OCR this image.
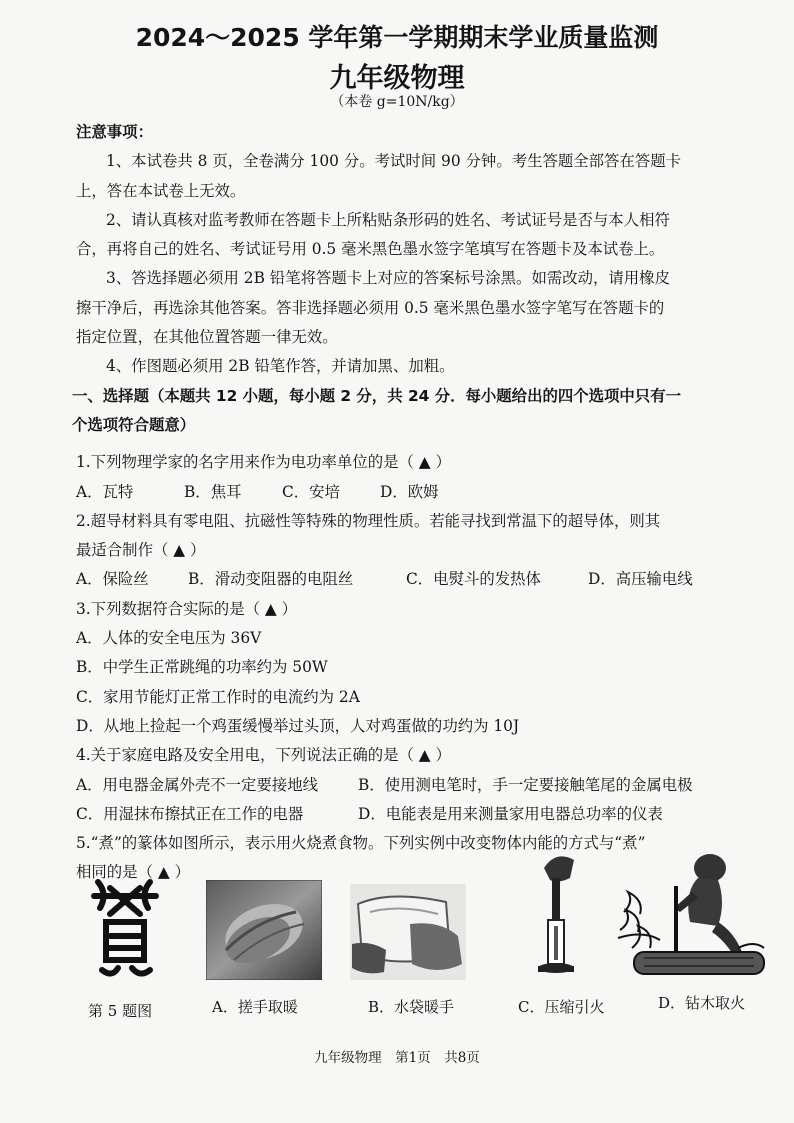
2024～2025 学年第一学期期末学业质量监测
九年级物理
（本卷 g=10N/kg）
注意事项：
1、本试卷共 8 页，全卷满分 100 分。考试时间 90 分钟。考生答题全部答在答题卡
上，答在本试卷上无效。
2、请认真核对监考教师在答题卡上所粘贴条形码的姓名、考试证号是否与本人相符
合，再将自己的姓名、考试证号用 0.5 毫米黑色墨水签字笔填写在答题卡及本试卷上。
3、答选择题必须用 2B 铅笔将答题卡上对应的答案标号涂黑。如需改动，请用橡皮
擦干净后，再选涂其他答案。答非选择题必须用 0.5 毫米黑色墨水签字笔写在答题卡的
指定位置，在其他位置答题一律无效。
4、作图题必须用 2B 铅笔作答，并请加黑、加粗。
一、选择题（本题共 12 小题，每小题 2 分，共 24 分．每小题给出的四个选项中只有一
个选项符合题意）
1.下列物理学家的名字用来作为电功率单位的是（ ▲ ）
A．瓦特	B．焦耳	C．安培	D．欧姆
2.超导材料具有零电阻、抗磁性等特殊的物理性质。若能寻找到常温下的超导体，则其
最适合制作（ ▲ ）
A．保险丝	B．滑动变阻器的电阻丝	C．电熨斗的发热体	D．高压输电线
3.下列数据符合实际的是（ ▲ ）
A．人体的安全电压为 36V
B．中学生正常跳绳的功率约为 50W
C．家用节能灯正常工作时的电流约为 2A
D．从地上捡起一个鸡蛋缓慢举过头顶，人对鸡蛋做的功约为 10J
4.关于家庭电路及安全用电，下列说法正确的是（ ▲ ）
A．用电器金属外壳不一定要接地线	B．使用测电笔时，手一定要接触笔尾的金属电极
C．用湿抹布擦拭正在工作的电器	D．电能表是用来测量家用电器总功率的仪表
5.“煮”的篆体如图所示，表示用火烧煮食物。下列实例中改变物体内能的方式与“煮”
相同的是（ ▲ ）
第 5 题图	A．搓手取暖	B．水袋暖手	C．压缩引火	D．钻木取火
九年级物理　第1页　共8页
